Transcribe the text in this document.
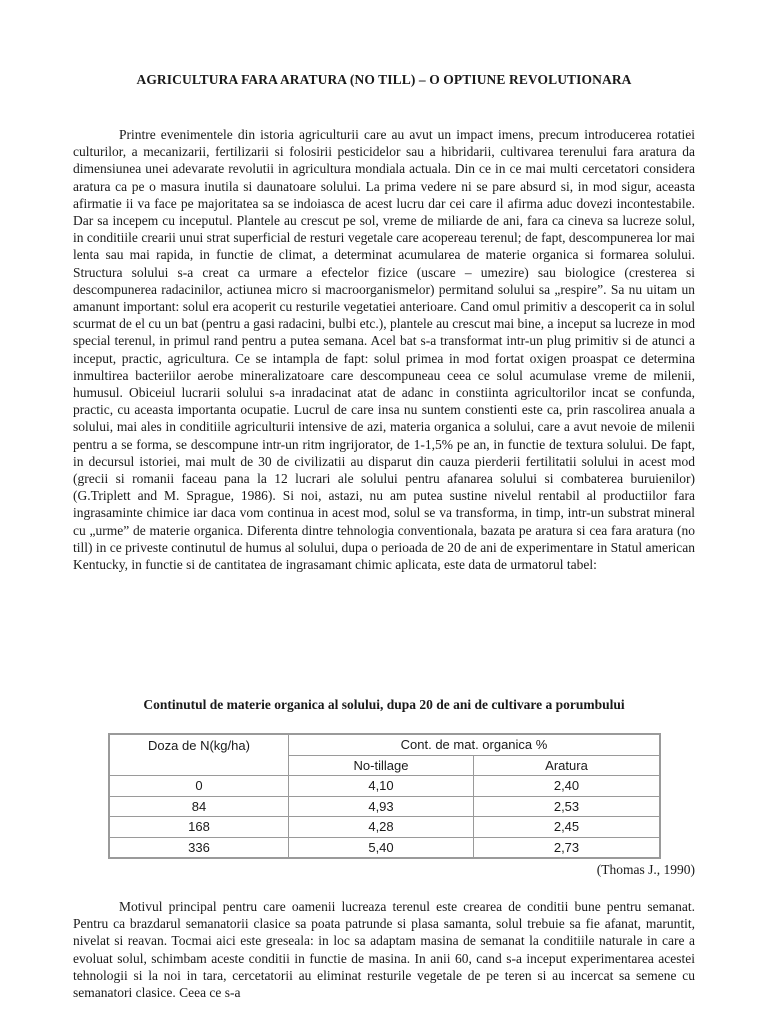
AGRICULTURA FARA ARATURA (NO TILL) – O OPTIUNE REVOLUTIONARA

Printre evenimentele din istoria agriculturii care au avut un impact imens, precum introducerea rotatiei culturilor, a mecanizarii, fertilizarii si folosirii pesticidelor sau a hibridarii, cultivarea terenului fara aratura da dimensiunea unei adevarate revolutii in agricultura mondiala actuala. Din ce in ce mai multi cercetatori considera aratura ca pe o masura inutila si daunatoare solului. La prima vedere ni se pare absurd si, in mod sigur, aceasta afirmatie ii va face pe majoritatea sa se indoiasca de acest lucru dar cei care il afirma aduc dovezi incontestabile. Dar sa incepem cu inceputul. Plantele au crescut pe sol, vreme de miliarde de ani, fara ca cineva sa lucreze solul, in conditiile crearii unui strat superficial de resturi vegetale care acopereau terenul; de fapt, descompunerea lor mai lenta sau mai rapida, in functie de climat, a determinat acumularea de materie organica si formarea solului. Structura solului s-a creat ca urmare a efectelor fizice (uscare – umezire) sau biologice (cresterea si descompunerea radacinilor, actiunea micro si macroorganismelor) permitand solului sa „respire”. Sa nu uitam un amanunt important: solul era acoperit cu resturile vegetatiei anterioare. Cand omul primitiv a descoperit ca in solul scurmat de el cu un bat (pentru a gasi radacini, bulbi etc.), plantele au crescut mai bine, a inceput sa lucreze in mod special terenul, in primul rand pentru a putea semana. Acel bat s-a transformat intr-un plug primitiv si de atunci a inceput, practic, agricultura. Ce se intampla de fapt: solul primea in mod fortat oxigen proaspat ce determina inmultirea bacteriilor aerobe mineralizatoare care descompuneau ceea ce solul acumulase vreme de milenii, humusul. Obiceiul lucrarii solului s-a inradacinat atat de adanc in constiinta agricultorilor incat se confunda, practic, cu aceasta importanta ocupatie. Lucrul de care insa nu suntem constienti este ca, prin rascolirea anuala a solului, mai ales in conditiile agriculturii intensive de azi, materia organica a solului, care a avut nevoie de milenii pentru a se forma, se descompune intr-un ritm ingrijorator, de 1-1,5% pe an, in functie de textura solului. De fapt, in decursul istoriei, mai mult de 30 de civilizatii au disparut din cauza pierderii fertilitatii solului in acest mod (grecii si romanii faceau pana la 12 lucrari ale solului pentru afanarea solului si combaterea buruienilor) (G.Triplett and M. Sprague, 1986). Si noi, astazi, nu am putea sustine nivelul rentabil al productiilor fara ingrasaminte chimice iar daca vom continua in acest mod, solul se va transforma, in timp, intr-un substrat mineral cu „urme” de materie organica. Diferenta dintre tehnologia conventionala, bazata pe aratura si cea fara aratura (no till) in ce priveste continutul de humus al solului, dupa o perioada de 20 de ani de experimentare in Statul american Kentucky, in functie si de cantitatea de ingrasamant chimic aplicata, este data de urmatorul tabel:

Continutul de materie organica al solului, dupa 20 de ani de cultivare a porumbului
Doza de N(kg/ha)	Cont. de mat. organica %	
	No-tillage	Aratura
0	4,10	2,40
84	4,93	2,53
168	4,28	2,45
336	5,40	2,73
(Thomas J., 1990)

Motivul principal pentru care oamenii lucreaza terenul este crearea de conditii bune pentru semanat. Pentru ca brazdarul semanatorii clasice sa poata patrunde si plasa samanta, solul trebuie sa fie afanat, maruntit, nivelat si reavan. Tocmai aici este greseala: in loc sa adaptam masina de semanat la conditiile naturale in care a evoluat solul, schimbam aceste conditii in functie de masina. In anii 60, cand s-a inceput experimentarea acestei tehnologii si la noi in tara, cercetatorii au eliminat resturile vegetale de pe teren si au incercat sa semene cu semanatori clasice. Ceea ce s-a
